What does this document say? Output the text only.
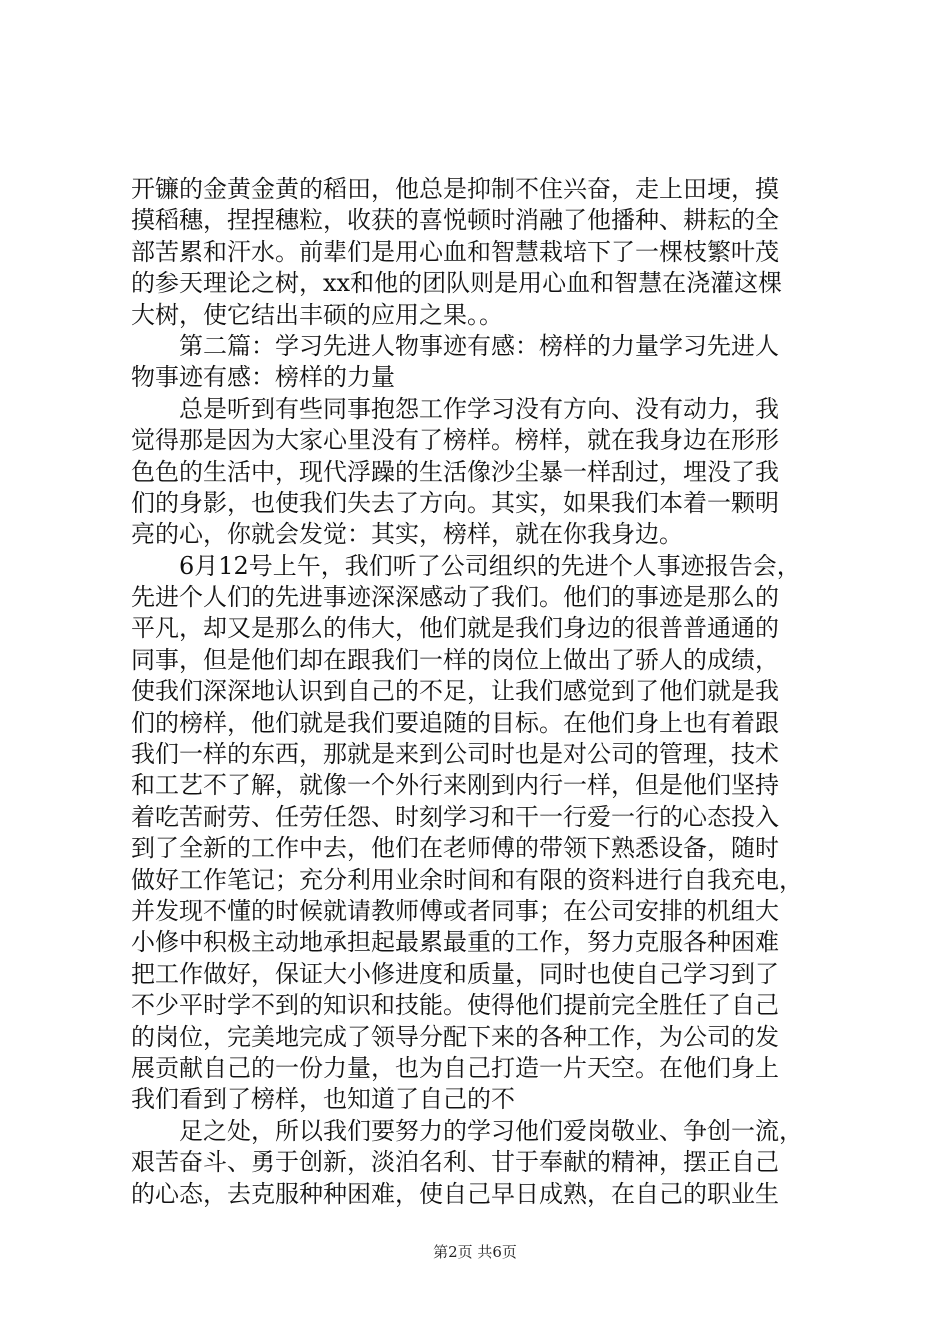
开镰的金黄金黄的稻田，他总是抑制不住兴奋，走上田埂，摸
摸稻穗，捏捏穗粒，收获的喜悦顿时消融了他播种、耕耘的全
部苦累和汗水。前辈们是用心血和智慧栽培下了一棵枝繁叶茂
的参天理论之树，xx和他的团队则是用心血和智慧在浇灌这棵
大树，使它结出丰硕的应用之果。。
第二篇：学习先进人物事迹有感：榜样的力量学习先进人
物事迹有感：榜样的力量
总是听到有些同事抱怨工作学习没有方向、没有动力，我
觉得那是因为大家心里没有了榜样。榜样，就在我身边在形形
色色的生活中，现代浮躁的生活像沙尘暴一样刮过，埋没了我
们的身影，也使我们失去了方向。其实，如果我们本着一颗明
亮的心，你就会发觉：其实，榜样，就在你我身边。
6月12号上午，我们听了公司组织的先进个人事迹报告会，
先进个人们的先进事迹深深感动了我们。他们的事迹是那么的
平凡，却又是那么的伟大，他们就是我们身边的很普普通通的
同事，但是他们却在跟我们一样的岗位上做出了骄人的成绩，
使我们深深地认识到自己的不足，让我们感觉到了他们就是我
们的榜样，他们就是我们要追随的目标。在他们身上也有着跟
我们一样的东西，那就是来到公司时也是对公司的管理，技术
和工艺不了解，就像一个外行来刚到内行一样，但是他们坚持
着吃苦耐劳、任劳任怨、时刻学习和干一行爱一行的心态投入
到了全新的工作中去，他们在老师傅的带领下熟悉设备，随时
做好工作笔记；充分利用业余时间和有限的资料进行自我充电，
并发现不懂的时候就请教师傅或者同事；在公司安排的机组大
小修中积极主动地承担起最累最重的工作，努力克服各种困难
把工作做好，保证大小修进度和质量，同时也使自己学习到了
不少平时学不到的知识和技能。使得他们提前完全胜任了自己
的岗位，完美地完成了领导分配下来的各种工作，为公司的发
展贡献自己的一份力量，也为自己打造一片天空。在他们身上
我们看到了榜样，也知道了自己的不
足之处，所以我们要努力的学习他们爱岗敬业、争创一流，
艰苦奋斗、勇于创新，淡泊名利、甘于奉献的精神，摆正自己
的心态，去克服种种困难，使自己早日成熟，在自己的职业生
第2页 共6页
